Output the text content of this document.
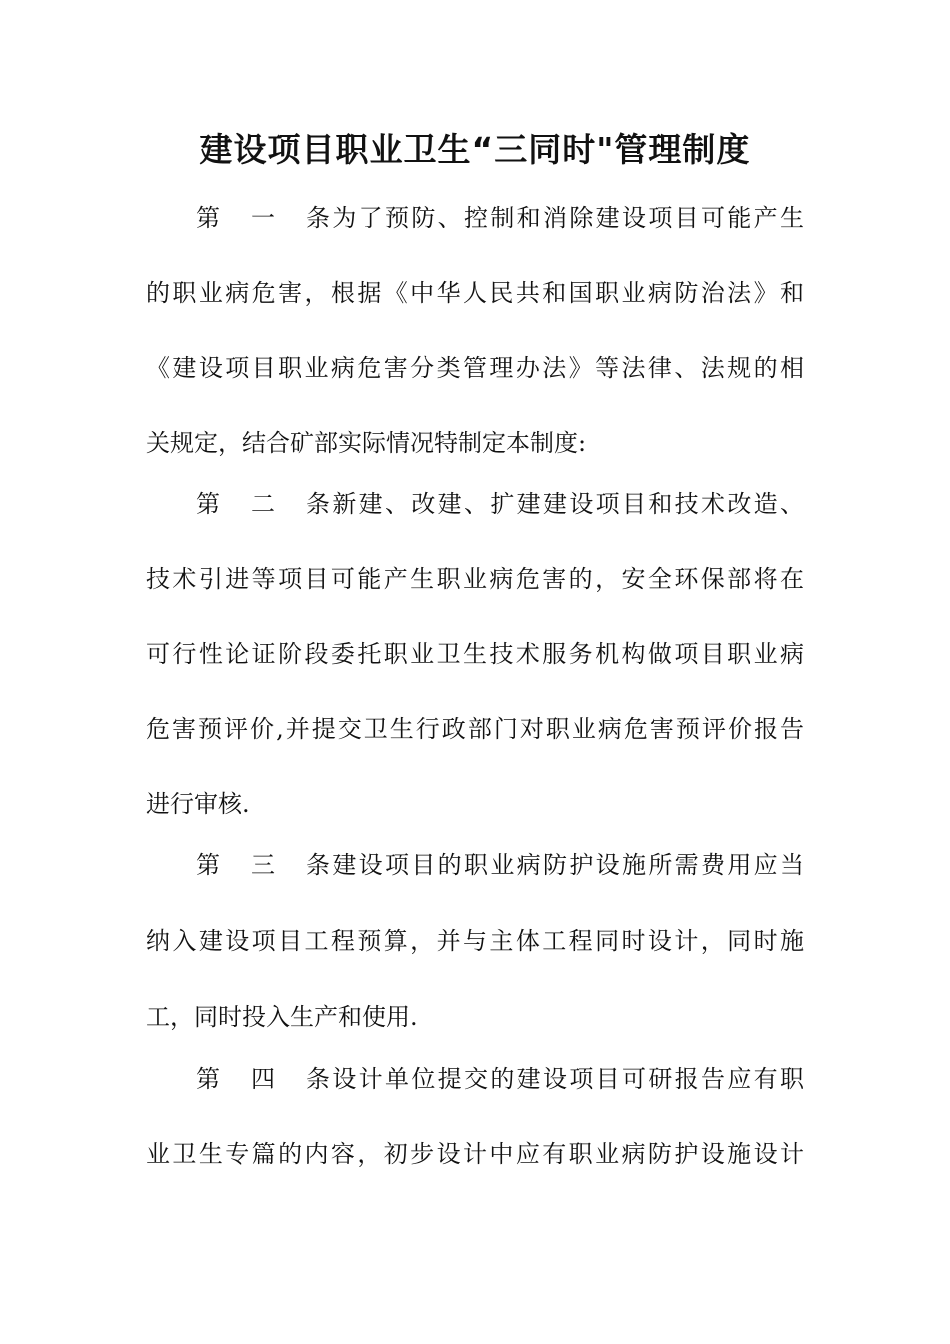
建设项目职业卫生“三同时"管理制度
第一条为了预防、控制和消除建设项目可能产生
的职业病危害，根据《中华人民共和国职业病防治法》和
《建设项目职业病危害分类管理办法》等法律、法规的相
关规定，结合矿部实际情况特制定本制度:
第二条新建、改建、扩建建设项目和技术改造、
技术引进等项目可能产生职业病危害的，安全环保部将在
可行性论证阶段委托职业卫生技术服务机构做项目职业病
危害预评价,并提交卫生行政部门对职业病危害预评价报告
进行审核.
第三条建设项目的职业病防护设施所需费用应当
纳入建设项目工程预算，并与主体工程同时设计，同时施
工，同时投入生产和使用.
第四条设计单位提交的建设项目可研报告应有职
业卫生专篇的内容，初步设计中应有职业病防护设施设计
